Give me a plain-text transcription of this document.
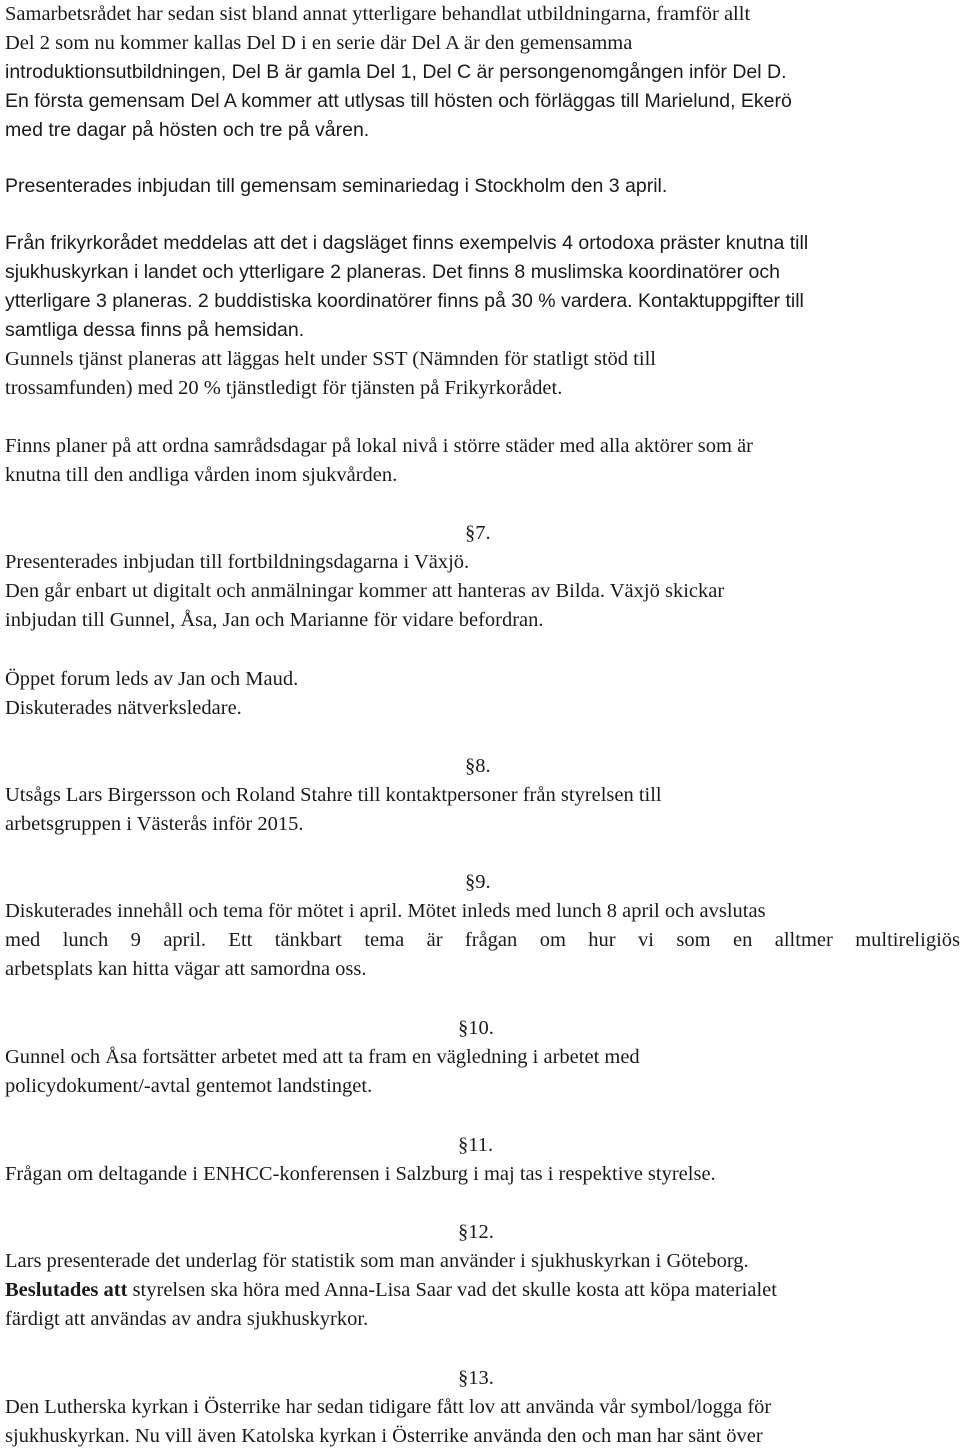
Samarbetsrådet har sedan sist bland annat ytterligare behandlat utbildningarna, framför allt
Del 2 som nu kommer kallas Del D i en serie där Del A är den gemensamma
introduktionsutbildningen, Del B är gamla Del 1, Del C är persongenomgången inför Del D.
En första gemensam Del A kommer att utlysas till hösten och förläggas till Marielund, Ekerö
med tre dagar på hösten och tre på våren.
Presenterades inbjudan till gemensam seminariedag i Stockholm den 3 april.
Från frikyrkorådet meddelas att det i dagsläget finns exempelvis 4 ortodoxa präster knutna till
sjukhuskyrkan i landet och ytterligare 2 planeras. Det finns 8 muslimska koordinatörer och
ytterligare 3 planeras. 2 buddistiska koordinatörer finns på 30 % vardera. Kontaktuppgifter till
samtliga dessa finns på hemsidan.
Gunnels tjänst planeras att läggas helt under SST (Nämnden för statligt stöd till
trossamfunden) med 20 % tjänstledigt för tjänsten på Frikyrkorådet.
Finns planer på att ordna samrådsdagar på lokal nivå i större städer med alla aktörer som är
knutna till den andliga vården inom sjukvården.
§7.
Presenterades inbjudan till fortbildningsdagarna i Växjö.
Den går enbart ut digitalt och anmälningar kommer att hanteras av Bilda. Växjö skickar
inbjudan till Gunnel, Åsa, Jan och Marianne för vidare befordran.
Öppet forum leds av Jan och Maud.
Diskuterades nätverksledare.
§8.
Utsågs Lars Birgersson och Roland Stahre till kontaktpersoner från styrelsen till
arbetsgruppen i Västerås inför 2015.
§9.
Diskuterades innehåll och tema för mötet i april. Mötet inleds med lunch 8 april och avslutas
med lunch 9 april. Ett tänkbart tema är frågan om hur vi som en alltmer multireligiös
arbetsplats kan hitta vägar att samordna oss.
§10.
Gunnel och Åsa fortsätter arbetet med att ta fram en vägledning i arbetet med
policydokument/-avtal gentemot landstinget.
§11.
Frågan om deltagande i ENHCC-konferensen i Salzburg i maj tas i respektive styrelse.
§12.
Lars presenterade det underlag för statistik som man använder i sjukhuskyrkan i Göteborg.
Beslutades att styrelsen ska höra med Anna-Lisa Saar vad det skulle kosta att köpa materialet
färdigt att användas av andra sjukhuskyrkor.
§13.
Den Lutherska kyrkan i Österrike har sedan tidigare fått lov att använda vår symbol/logga för
sjukhuskyrkan. Nu vill även Katolska kyrkan i Österrike använda den och man har sänt över
